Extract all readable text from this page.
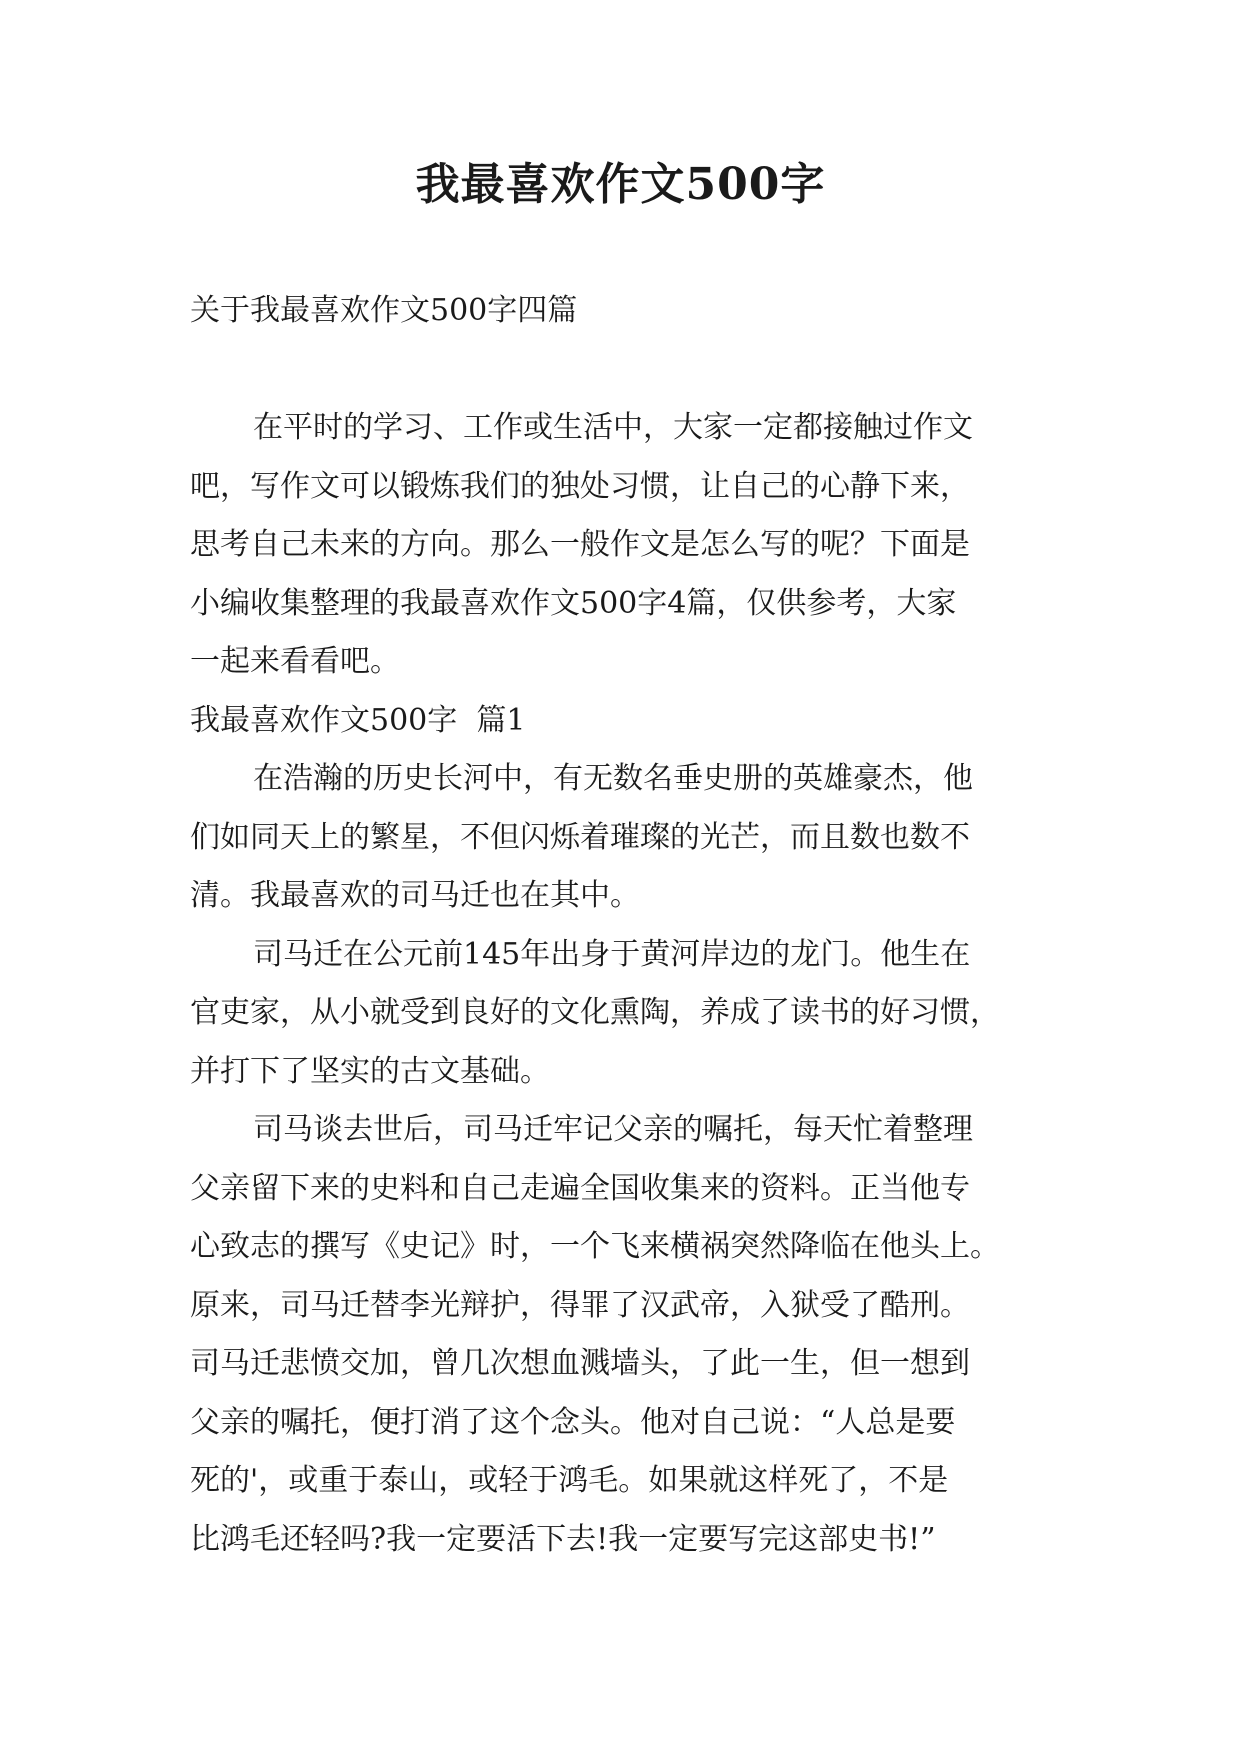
我最喜欢作文500字

关于我最喜欢作文500字四篇

在平时的学习、工作或生活中，大家一定都接触过作文
吧，写作文可以锻炼我们的独处习惯，让自己的心静下来，
思考自己未来的方向。那么一般作文是怎么写的呢？下面是
小编收集整理的我最喜欢作文500字4篇，仅供参考，大家
一起来看看吧。

我最喜欢作文500字  篇1

在浩瀚的历史长河中，有无数名垂史册的英雄豪杰，他
们如同天上的繁星，不但闪烁着璀璨的光芒，而且数也数不
清。我最喜欢的司马迁也在其中。

司马迁在公元前145年出身于黄河岸边的龙门。他生在
官吏家，从小就受到良好的文化熏陶，养成了读书的好习惯，
并打下了坚实的古文基础。

司马谈去世后，司马迁牢记父亲的嘱托，每天忙着整理
父亲留下来的史料和自己走遍全国收集来的资料。正当他专
心致志的撰写《史记》时，一个飞来横祸突然降临在他头上。
原来，司马迁替李光辩护，得罪了汉武帝，入狱受了酷刑。
司马迁悲愤交加，曾几次想血溅墙头，了此一生，但一想到
父亲的嘱托，便打消了这个念头。他对自己说：“人总是要
死的'，或重于泰山，或轻于鸿毛。如果就这样死了，不是
比鸿毛还轻吗?我一定要活下去!我一定要写完这部史书!”
